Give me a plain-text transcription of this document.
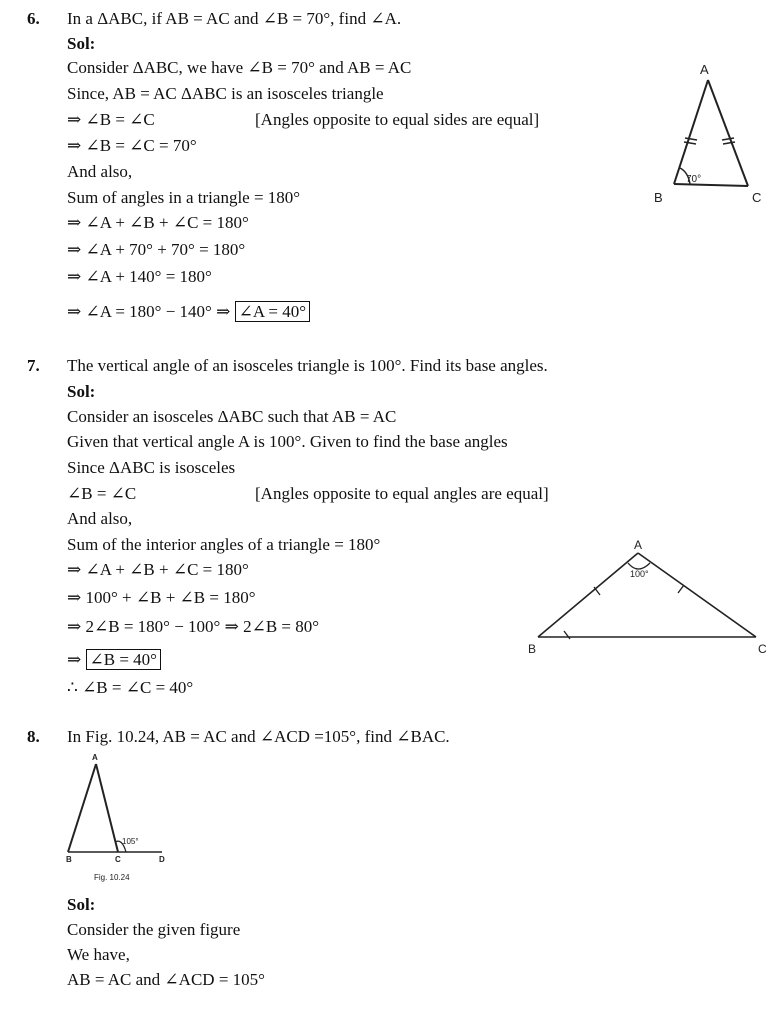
6. In a ΔABC, if AB = AC and ∠B = 70°, find ∠A.
Sol:
Consider ΔABC, we have ∠B = 70° and AB = AC
Since, AB = AC ΔABC is an isosceles triangle
⇒ ∠B = ∠C	[Angles opposite to equal sides are equal]
⇒ ∠B = ∠C = 70°
And also,
Sum of angles in a triangle = 180°
⇒ ∠A + ∠B + ∠C = 180°
⇒ ∠A + 70° + 70° = 180°
⇒ ∠A + 140° = 180°
⇒ ∠A = 180° − 140° ⇒ ∠A = 40°
70°
A
B	C
7. The vertical angle of an isosceles triangle is 100°. Find its base angles.
Sol:
Consider an isosceles ΔABC such that AB = AC
Given that vertical angle A is 100°. Given to find the base angles
Since ΔABC is isosceles
∠B = ∠C	[Angles opposite to equal angles are equal]
And also,
Sum of the interior angles of a triangle = 180°
⇒ ∠A + ∠B + ∠C = 180°
⇒ 100° + ∠B + ∠B = 180°
⇒ 2∠B = 180° − 100° ⇒ 2∠B = 80°
⇒ ∠B = 40°
∴ ∠B = ∠C = 40°
100°
A
B	C
8. In Fig. 10.24, AB = AC and ∠ACD =105°, find ∠BAC.
105°
A
B	C	D
Fig. 10.24
Sol:
Consider the given figure
We have,
AB = AC and ∠ACD = 105°
